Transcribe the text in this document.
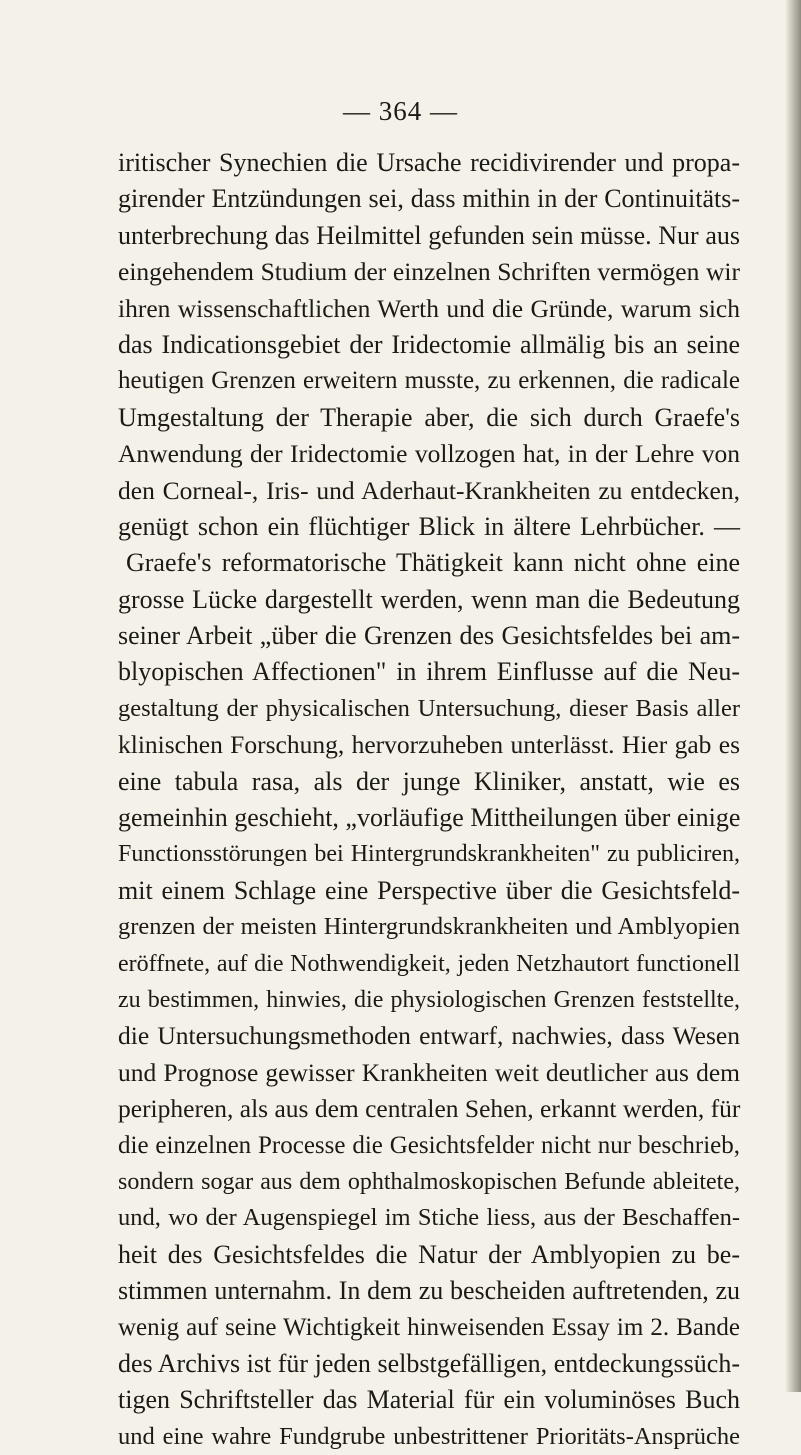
— 364 —
iritischer Synechien die Ursache recidivirender und propa-
girender Entzündungen sei, dass mithin in der Continuitäts-
unterbrechung das Heilmittel gefunden sein müsse. Nur aus
eingehendem Studium der einzelnen Schriften vermögen wir
ihren wissenschaftlichen Werth und die Gründe, warum sich
das Indicationsgebiet der Iridectomie allmälig bis an seine
heutigen Grenzen erweitern musste, zu erkennen, die radicale
Umgestaltung der Therapie aber, die sich durch Graefe's
Anwendung der Iridectomie vollzogen hat, in der Lehre von
den Corneal-, Iris- und Aderhaut-Krankheiten zu entdecken,
genügt schon ein flüchtiger Blick in ältere Lehrbücher. —
Graefe's reformatorische Thätigkeit kann nicht ohne eine
grosse Lücke dargestellt werden, wenn man die Bedeutung
seiner Arbeit „über die Grenzen des Gesichtsfeldes bei am-
blyopischen Affectionen" in ihrem Einflusse auf die Neu-
gestaltung der physicalischen Untersuchung, dieser Basis aller
klinischen Forschung, hervorzuheben unterlässt. Hier gab es
eine tabula rasa, als der junge Kliniker, anstatt, wie es
gemeinhin geschieht, „vorläufige Mittheilungen über einige
Functionsstörungen bei Hintergrundskrankheiten" zu publiciren,
mit einem Schlage eine Perspective über die Gesichtsfeld-
grenzen der meisten Hintergrundskrankheiten und Amblyopien
eröffnete, auf die Nothwendigkeit, jeden Netzhautort functionell
zu bestimmen, hinwies, die physiologischen Grenzen feststellte,
die Untersuchungsmethoden entwarf, nachwies, dass Wesen
und Prognose gewisser Krankheiten weit deutlicher aus dem
peripheren, als aus dem centralen Sehen, erkannt werden, für
die einzelnen Processe die Gesichtsfelder nicht nur beschrieb,
sondern sogar aus dem ophthalmoskopischen Befunde ableitete,
und, wo der Augenspiegel im Stiche liess, aus der Beschaffen-
heit des Gesichtsfeldes die Natur der Amblyopien zu be-
stimmen unternahm. In dem zu bescheiden auftretenden, zu
wenig auf seine Wichtigkeit hinweisenden Essay im 2. Bande
des Archivs ist für jeden selbstgefälligen, entdeckungssüch-
tigen Schriftsteller das Material für ein voluminöses Buch
und eine wahre Fundgrube unbestrittener Prioritäts-Ansprüche
